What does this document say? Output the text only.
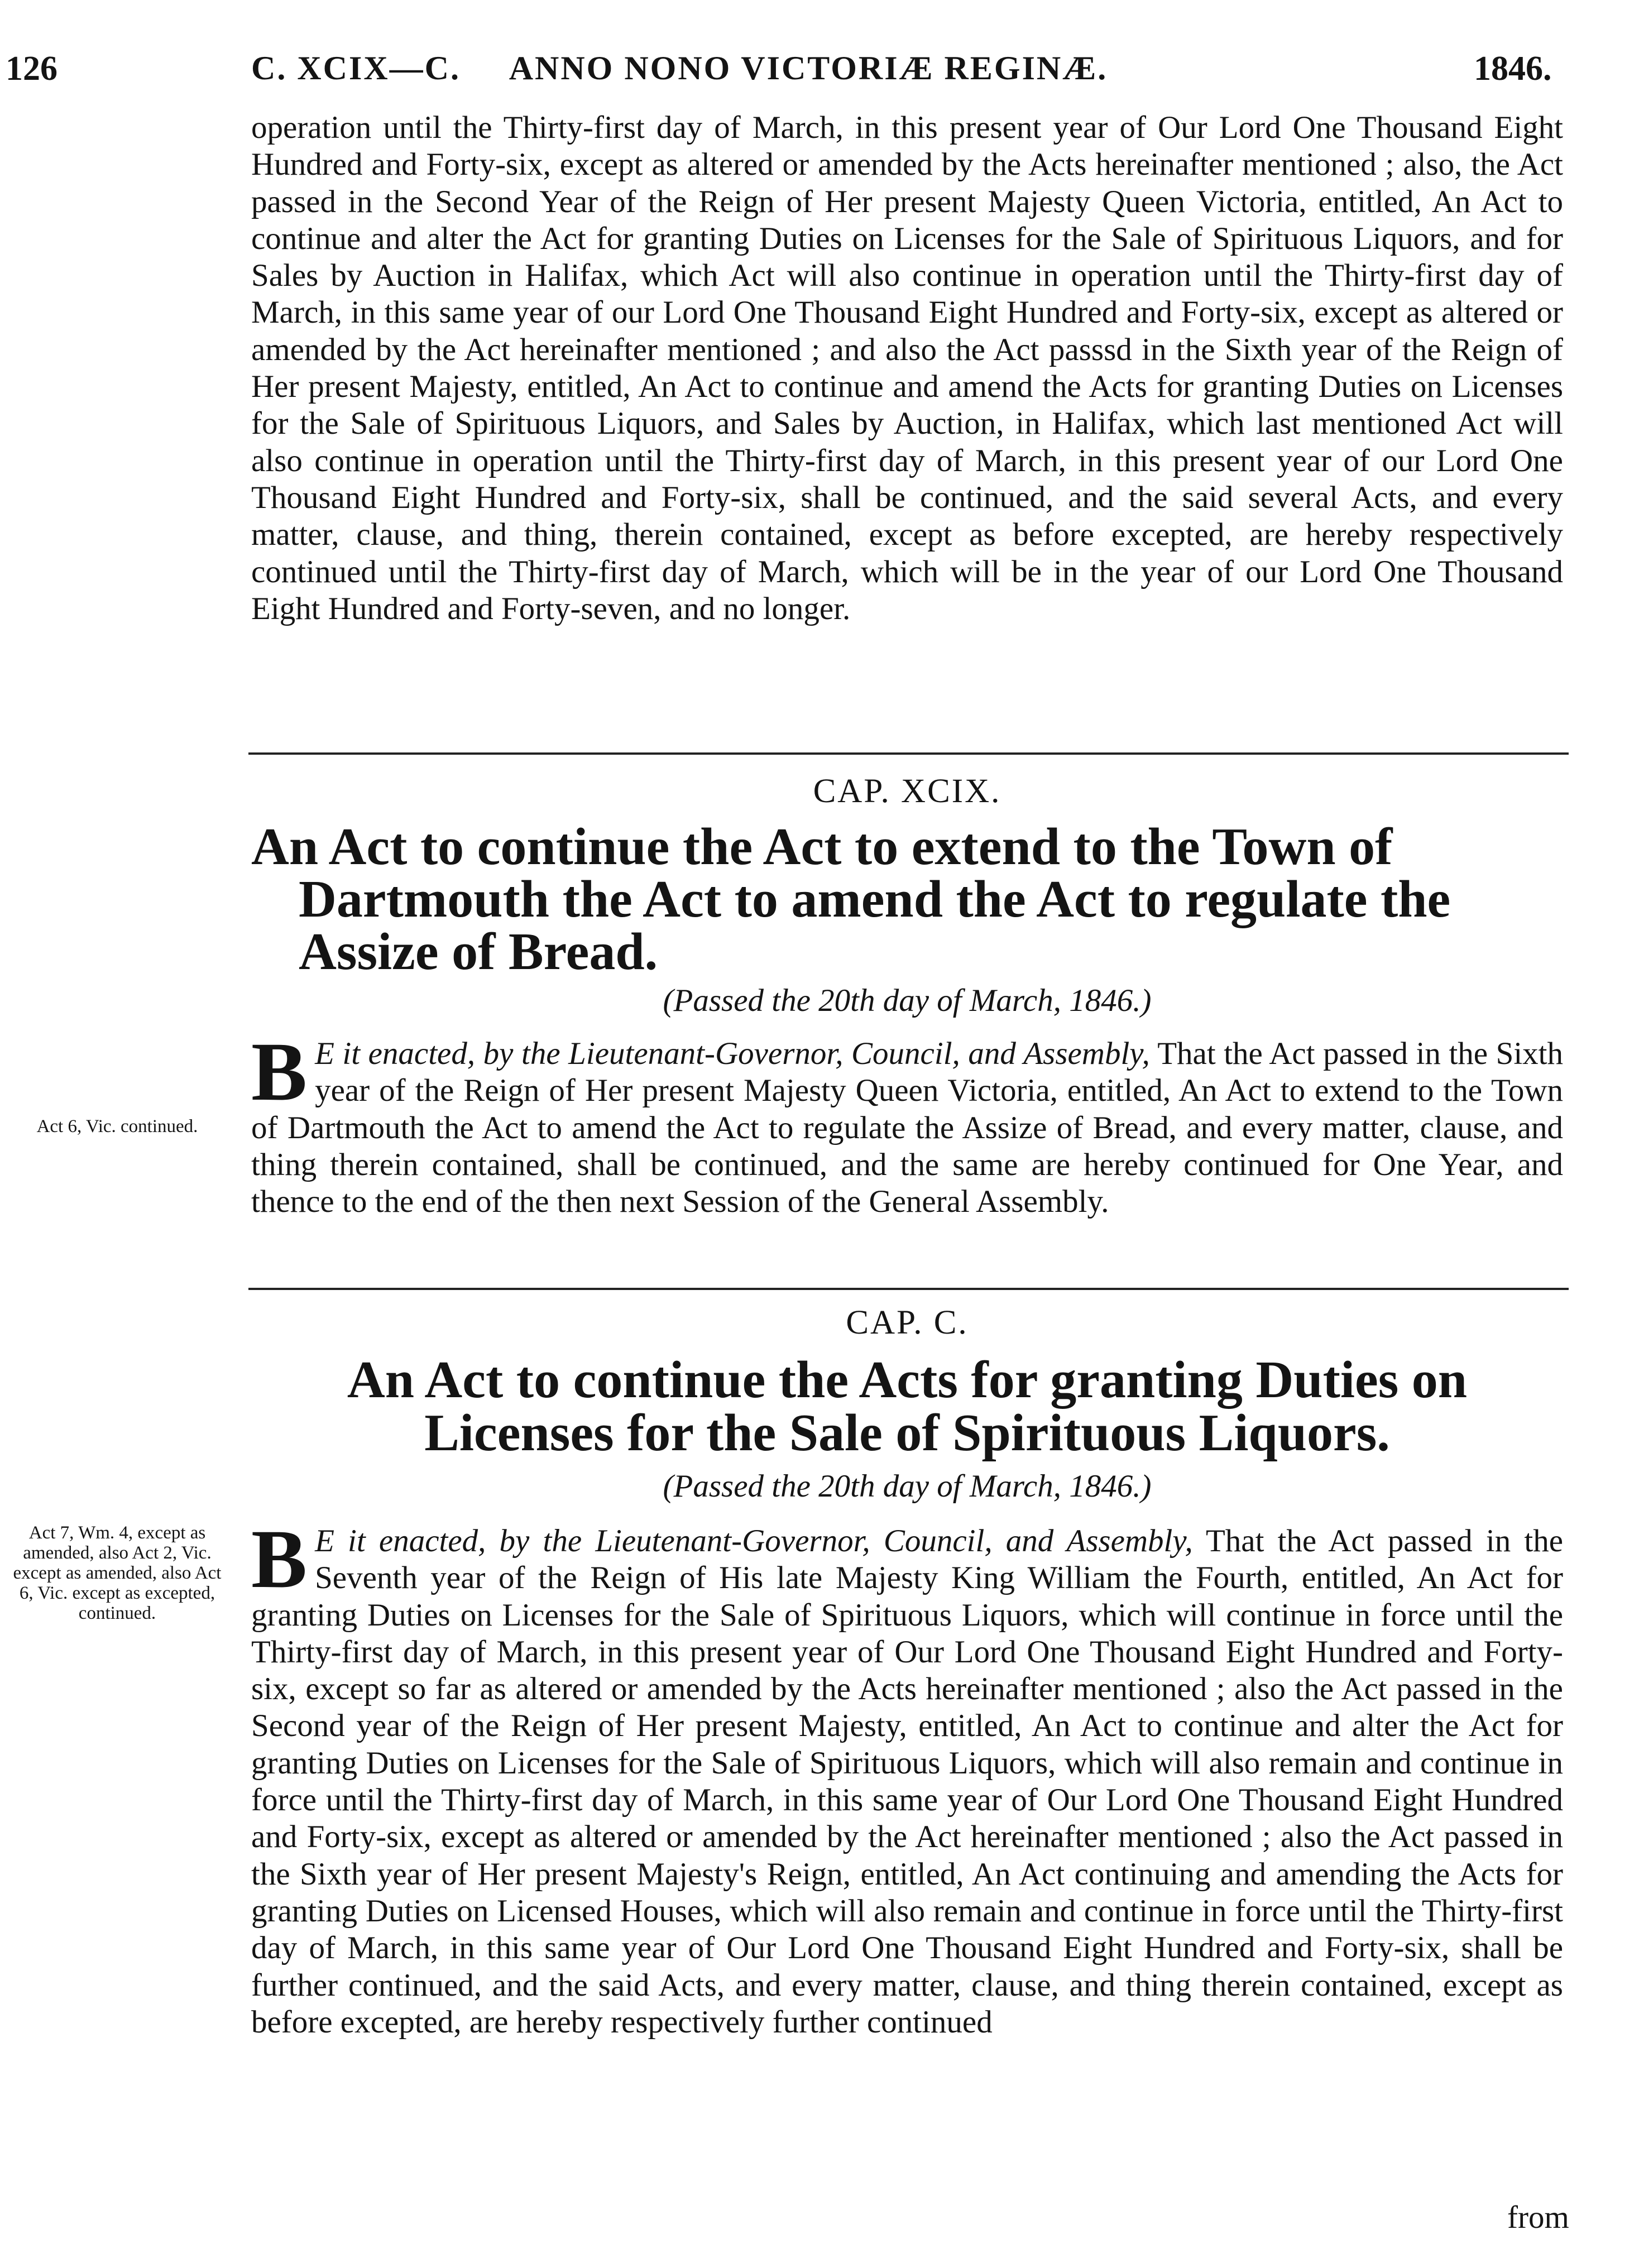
126	C. XCIX—C.     ANNO NONO VICTORIÆ REGINÆ.	1846.

operation until the Thirty-first day of March, in this present year of Our Lord One Thousand Eight Hundred and Forty-six, except as altered or amended by the Acts hereinafter mentioned ; also, the Act passed in the Second Year of the Reign of Her present Majesty Queen Victoria, entitled, An Act to continue and alter the Act for granting Duties on Licenses for the Sale of Spirituous Liquors, and for Sales by Auction in Halifax, which Act will also continue in operation until the Thirty-first day of March, in this same year of our Lord One Thousand Eight Hundred and Forty-six, except as altered or amended by the Act hereinafter mentioned ; and also the Act passsd in the Sixth year of the Reign of Her present Majesty, entitled, An Act to continue and amend the Acts for granting Duties on Licenses for the Sale of Spirituous Liquors, and Sales by Auction, in Halifax, which last mentioned Act will also continue in operation until the Thirty-first day of March, in this present year of our Lord One Thousand Eight Hundred and Forty-six, shall be continued, and the said several Acts, and every matter, clause, and thing, therein contained, except as before excepted, are hereby respectively continued until the Thirty-first day of March, which will be in the year of our Lord One Thousand Eight Hundred and Forty-seven, and no longer.

CAP. XCIX.
An Act to continue the Act to extend to the Town of Dartmouth the Act to amend the Act to regulate the Assize of Bread.
(Passed the 20th day of March, 1846.)
Act 6, Vic. continued.

B E it enacted, by the Lieutenant-Governor, Council, and Assembly, That the Act passed in the Sixth year of the Reign of Her present Majesty Queen Victoria, entitled, An Act to extend to the Town of Dartmouth the Act to amend the Act to regulate the Assize of Bread, and every matter, clause, and thing therein contained, shall be continued, and the same are hereby continued for One Year, and thence to the end of the then next Session of the General Assembly.

CAP. C.
An Act to continue the Acts for granting Duties on
Licenses for the Sale of Spirituous Liquors.
(Passed the 20th day of March, 1846.)
Act 7, Wm. 4, except as amended, also Act 2, Vic. except as amended, also Act 6, Vic. except as excepted, continued.

B E it enacted, by the Lieutenant-Governor, Council, and Assembly, That the Act passed in the Seventh year of the Reign of His late Majesty King William the Fourth, entitled, An Act for granting Duties on Licenses for the Sale of Spirituous Liquors, which will continue in force until the Thirty-first day of March, in this present year of Our Lord One Thousand Eight Hundred and Forty-six, except so far as altered or amended by the Acts hereinafter mentioned ; also the Act passed in the Second year of the Reign of Her present Majesty, entitled, An Act to continue and alter the Act for granting Duties on Licenses for the Sale of Spirituous Liquors, which will also remain and continue in force until the Thirty-first day of March, in this same year of Our Lord One Thousand Eight Hundred and Forty-six, except as altered or amended by the Act hereinafter mentioned ; also the Act passed in the Sixth year of Her present Majesty's Reign, entitled, An Act continuing and amending the Acts for granting Duties on Licensed Houses, which will also remain and continue in force until the Thirty-first day of March, in this same year of Our Lord One Thousand Eight Hundred and Forty-six, shall be further continued, and the said Acts, and every matter, clause, and thing therein contained, except as before excepted, are hereby respectively further continued

from
